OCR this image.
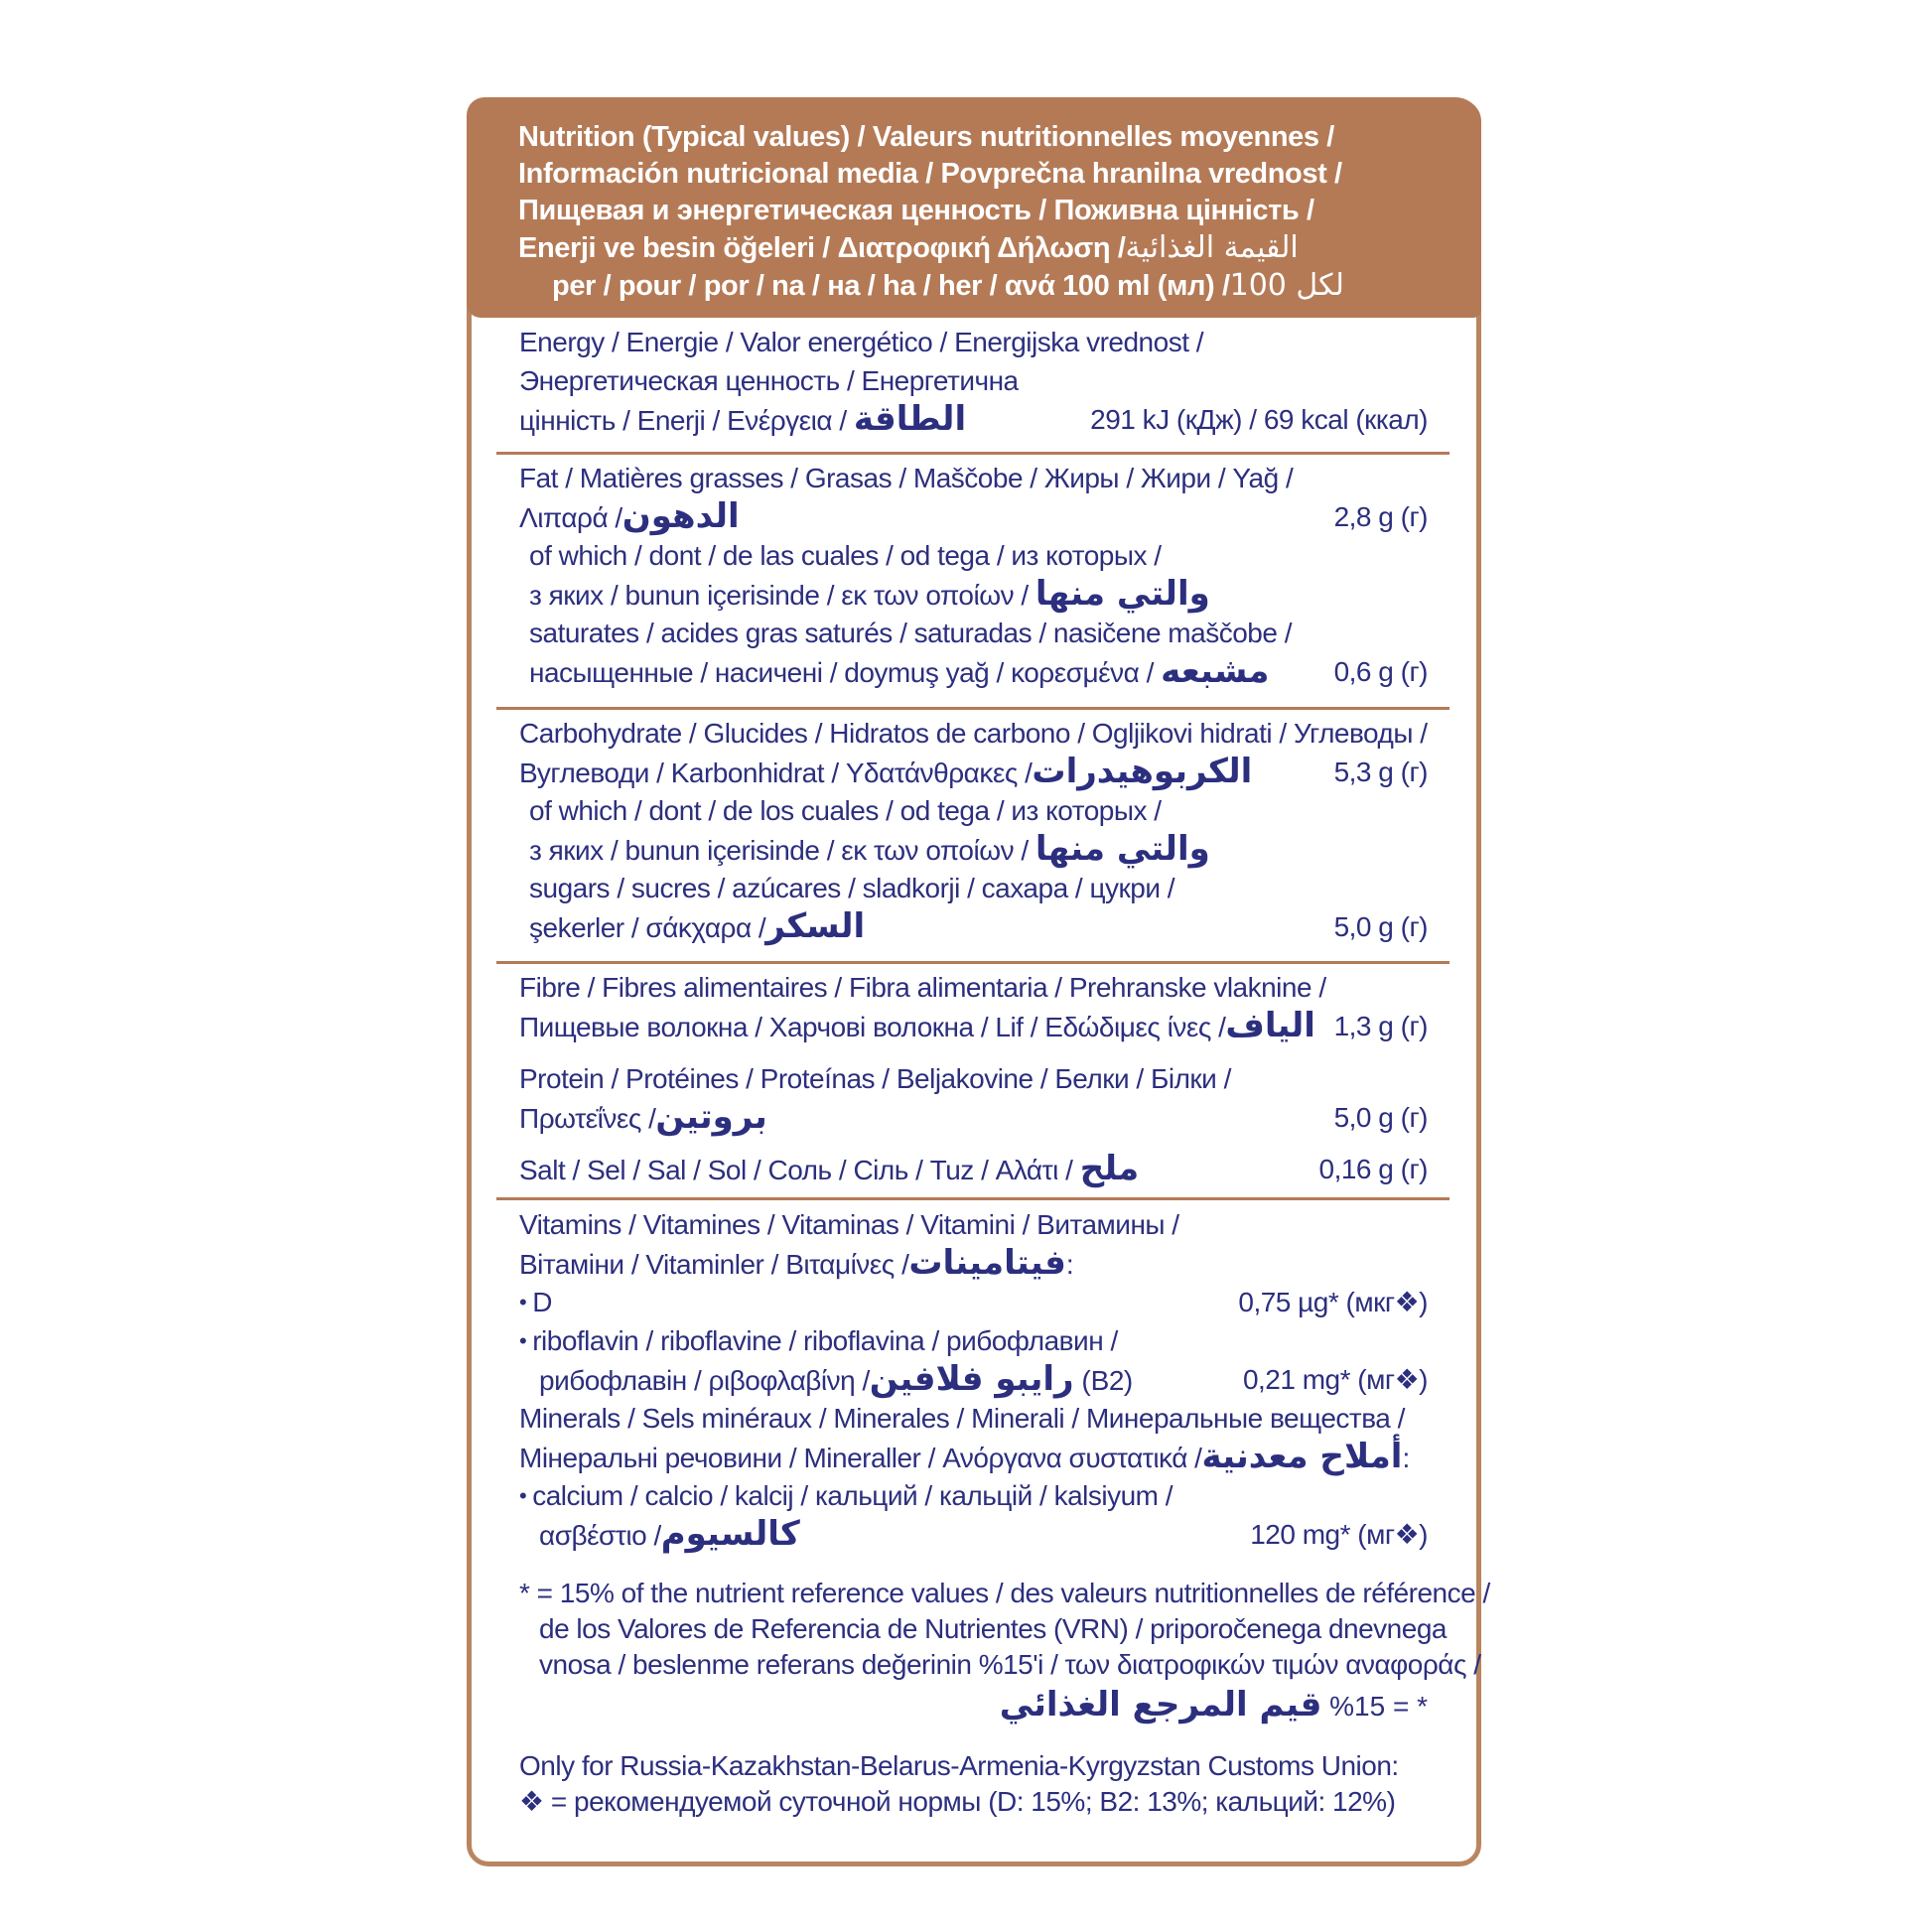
Nutrition (Typical values) / Valeurs nutritionnelles moyennes /
Información nutricional media / Povprečna hranilna vrednost /
Пищевая и энергетическая ценность / Поживна цінність /
Enerji ve besin öğeleri / Διατροφική Δήλωση /القيمة الغذائية
per / pour / por / na / на / ha / her / ανά 100 ml (мл) /لكل 100
Energy / Energie / Valor energético / Energijska vrednost /
Энергетическая ценность / Енергетична
цінність / Enerji / Ενέργεια / الطاقة	291 kJ (кДж) / 69 kcal (ккал)
Fat / Matières grasses / Grasas / Maščobe / Жиры / Жири / Yağ /
Λιπαρά /الدهون	2,8 g (г)
of which / dont / de las cuales / od tega / из которых /
з яких / bunun içerisinde / εκ των οποίων / والتي منها
saturates / acides gras saturés / saturadas / nasičene maščobe /
насыщенные / насичені / doymuş yağ / κορεσμένα / مشبعه 0,6 g (г)
Carbohydrate / Glucides / Hidratos de carbono / Ogljikovi hidrati / Углеводы /
Вуглеводи / Karbonhidrat / Υδατάνθρακες /الكربوهيدرات	5,3 g (г)
of which / dont / de los cuales / od tega / из которых /
з яких / bunun içerisinde / εκ των οποίων / والتي منها
sugars / sucres / azúcares / sladkorji / сахара / цукри /
şekerler / σάκχαρα /السكر	5,0 g (г)
Fibre / Fibres alimentaires / Fibra alimentaria / Prehranske vlaknine /
Пищевые волокна / Харчові волокна / Lif / Εδώδιμες ίνες /الياف 1,3 g (г)
Protein / Protéines / Proteínas / Beljakovine / Белки / Білки /
Πρωτεΐνες /بروتين	5,0 g (г)
Salt / Sel / Sal / Sol / Соль / Сіль / Tuz / Αλάτι / ملح	0,16 g (г)
Vitamins / Vitamines / Vitaminas / Vitamini / Витамины /
Вітаміни / Vitaminler / Βιταμίνες /فيتامينات:
• D	0,75 µg* (мкг❖)
• riboflavin / riboflavine / riboflavina / рибофлавин /
рибофлавін / ριβοφλαβίνη /رايبو فلافين (B2)	0,21 mg* (мг❖)
Minerals / Sels minéraux / Minerales / Minerali / Минеральные вещества /
Мінеральні речовини / Mineraller / Ανόργανα συστατικά /أملاح معدنية:
• calcium / calcio / kalcij / кальций / кальцій / kalsiyum /
ασβέστιο /كالسيوم	120 mg* (мг❖)
* = 15% of the nutrient reference values / des valeurs nutritionnelles de référence /
de los Valores de Referencia de Nutrientes (VRN) / priporočenega dnevnega
vnosa / beslenme referans değerinin %15'i / των διατροφικών τιμών αναφοράς /
قيم المرجع الغذائي %15 = *
Only for Russia-Kazakhstan-Belarus-Armenia-Kyrgyzstan Customs Union:
❖ = рекомендуемой суточной нормы (D: 15%; B2: 13%; кальций: 12%)
